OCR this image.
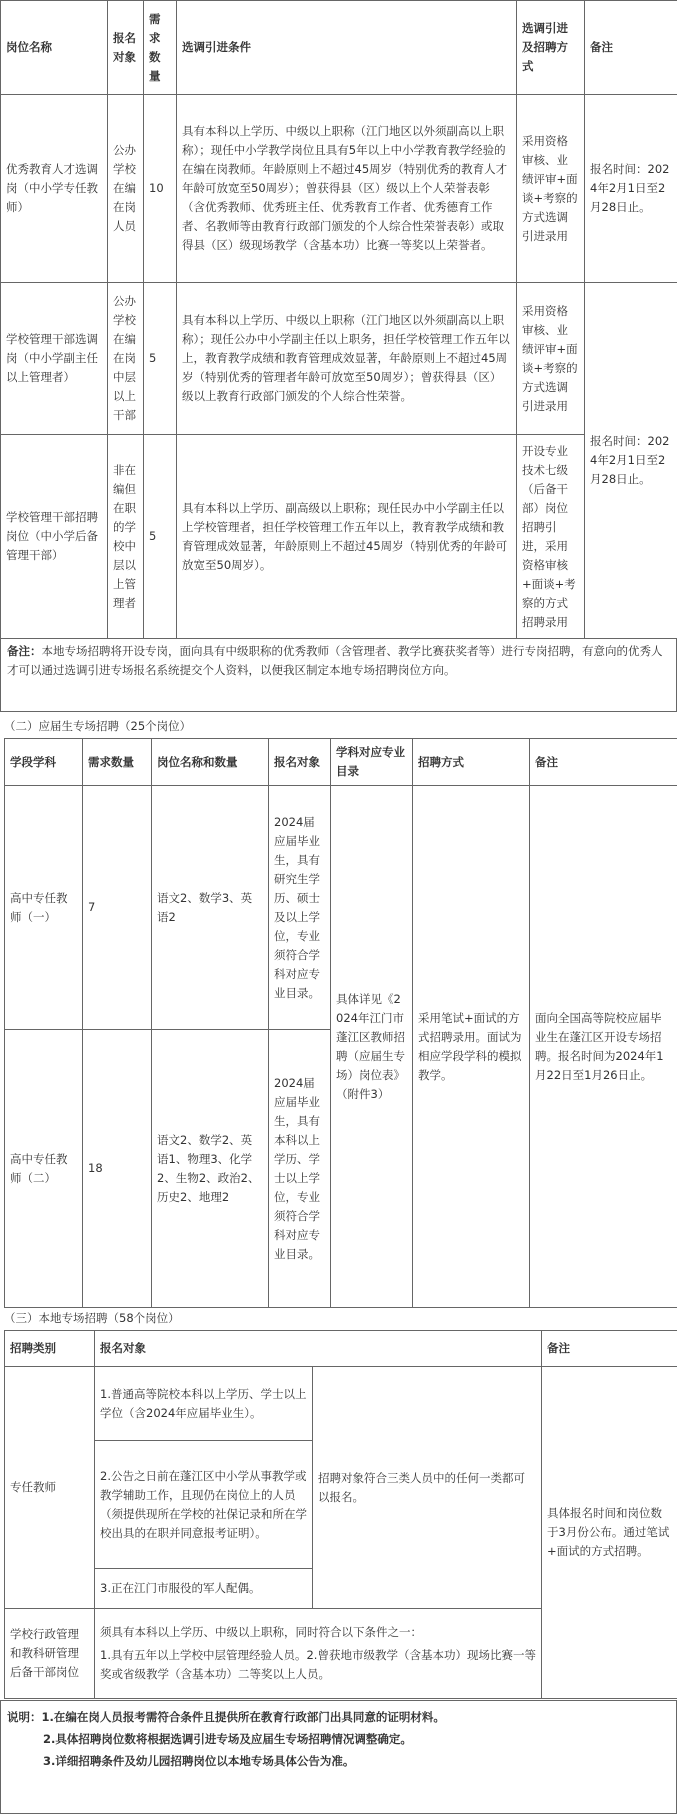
岗位名称	报名对象	需求数量	选调引进条件	选调引进及招聘方式	备注
优秀教育人才选调岗（中小学专任教师）	公办学校在编在岗人员	10	具有本科以上学历、中级以上职称（江门地区以外须副高以上职称）；现任中小学教学岗位且具有5年以上中小学教育教学经验的在编在岗教师。年龄原则上不超过45周岁（特别优秀的教育人才年龄可放宽至50周岁）；曾获得县（区）级以上个人荣誉表彰（含优秀教师、优秀班主任、优秀教育工作者、优秀德育工作者、名教师等由教育行政部门颁发的个人综合性荣誉表彰）或取得县（区）级现场教学（含基本功）比赛一等奖以上荣誉者。	采用资格审核、业绩评审+面谈+考察的方式选调引进录用	报名时间：2024年2月1日至2月28日止。
学校管理干部选调岗（中小学副主任以上管理者）	公办学校在编在岗中层以上干部	5	具有本科以上学历、中级以上职称（江门地区以外须副高以上职称）；现任公办中小学副主任以上职务，担任学校管理工作五年以上，教育教学成绩和教育管理成效显著，年龄原则上不超过45周岁（特别优秀的管理者年龄可放宽至50周岁）；曾获得县（区）级以上教育行政部门颁发的个人综合性荣誉。	采用资格审核、业绩评审+面谈+考察的方式选调引进录用	报名时间：2024年2月1日至2月28日止。
学校管理干部招聘岗位（中小学后备管理干部）	非在编但在职的学校中层以上管理者	5	具有本科以上学历、副高级以上职称；现任民办中小学副主任以上学校管理者，担任学校管理工作五年以上，教育教学成绩和教育管理成效显著，年龄原则上不超过45周岁（特别优秀的年龄可放宽至50周岁）。	开设专业技术七级（后备干部）岗位招聘引进，采用资格审核+面谈+考察的方式招聘录用	
备注：本地专场招聘将开设专岗，面向具有中级职称的优秀教师（含管理者、教学比赛获奖者等）进行专岗招聘，有意向的优秀人才可以通过选调引进专场报名系统提交个人资料，以便我区制定本地专场招聘岗位方向。
（二）应届生专场招聘（25个岗位）
学段学科	需求数量	岗位名称和数量	报名对象	学科对应专业目录	招聘方式	备注
高中专任教师（一）	7	语文2、数学3、英语2	2024届应届毕业生，具有研究生学历、硕士及以上学位，专业须符合学科对应专业目录。	具体详见《2024年江门市蓬江区教师招聘（应届生专场）岗位表》（附件3）	采用笔试+面试的方式招聘录用。面试为相应学段学科的模拟教学。	面向全国高等院校应届毕业生在蓬江区开设专场招聘。报名时间为2024年1月22日至1月26日止。
高中专任教师（二）	18	语文2、数学2、英语1、物理3、化学2、生物2、政治2、历史2、地理2	2024届应届毕业生，具有本科以上学历、学士以上学位，专业须符合学科对应专业目录。			
（三）本地专场招聘（58个岗位）
招聘类别	报名对象		备注
专任教师	1.普通高等院校本科以上学历、学士以上学位（含2024年应届毕业生）。	招聘对象符合三类人员中的任何一类都可以报名。	具体报名时间和岗位数于3月份公布。通过笔试+面试的方式招聘。
	2.公告之日前在蓬江区中小学从事教学或教学辅助工作，且现仍在岗位上的人员（须提供现所在学校的社保记录和所在学校出具的在职并同意报考证明）。		
	3.正在江门市服役的军人配偶。		
学校行政管理和教科研管理后备干部岗位	须具有本科以上学历、中级以上职称，同时符合以下条件之一：
1.具有五年以上学校中层管理经验人员。2.曾获地市级教学（含基本功）现场比赛一等奖或省级教学（含基本功）二等奖以上人员。		
说明：1.在编在岗人员报考需符合条件且提供所在教育行政部门出具同意的证明材料。
2.具体招聘岗位数将根据选调引进专场及应届生专场招聘情况调整确定。
3.详细招聘条件及幼儿园招聘岗位以本地专场具体公告为准。
